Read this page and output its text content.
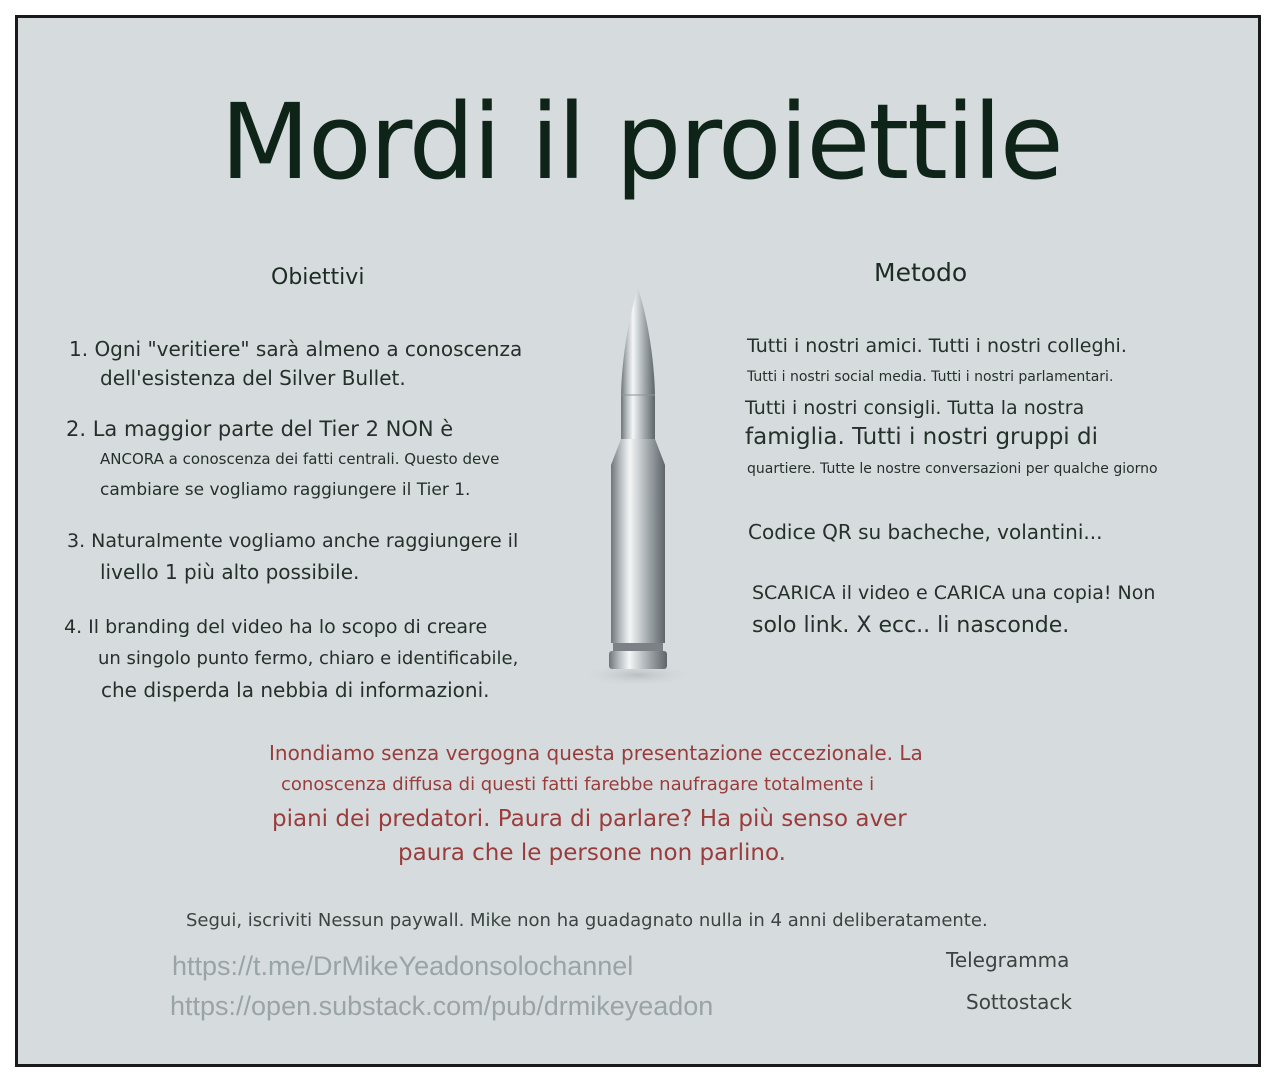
Mordi il proiettile
Obiettivi
1. Ogni "veritiere" sarà almeno a conoscenza
dell'esistenza del Silver Bullet.
2. La maggior parte del Tier 2 NON è
ANCORA a conoscenza dei fatti centrali. Questo deve
cambiare se vogliamo raggiungere il Tier 1.
3. Naturalmente vogliamo anche raggiungere il
livello 1 più alto possibile.
4. Il branding del video ha lo scopo di creare
un singolo punto fermo, chiaro e identificabile,
che disperda la nebbia di informazioni.
Metodo
Tutti i nostri amici. Tutti i nostri colleghi.
Tutti i nostri social media. Tutti i nostri parlamentari.
Tutti i nostri consigli. Tutta la nostra
famiglia. Tutti i nostri gruppi di
quartiere. Tutte le nostre conversazioni per qualche giorno
Codice QR su bacheche, volantini...
SCARICA il video e CARICA una copia! Non
solo link. X ecc.. li nasconde.
Inondiamo senza vergogna questa presentazione eccezionale. La
conoscenza diffusa di questi fatti farebbe naufragare totalmente i
piani dei predatori. Paura di parlare? Ha più senso aver
paura che le persone non parlino.
Segui, iscriviti Nessun paywall. Mike non ha guadagnato nulla in 4 anni deliberatamente.
https://t.me/DrMikeYeadonsolochannel
https://open.substack.com/pub/drmikeyeadon
Telegramma
Sottostack
